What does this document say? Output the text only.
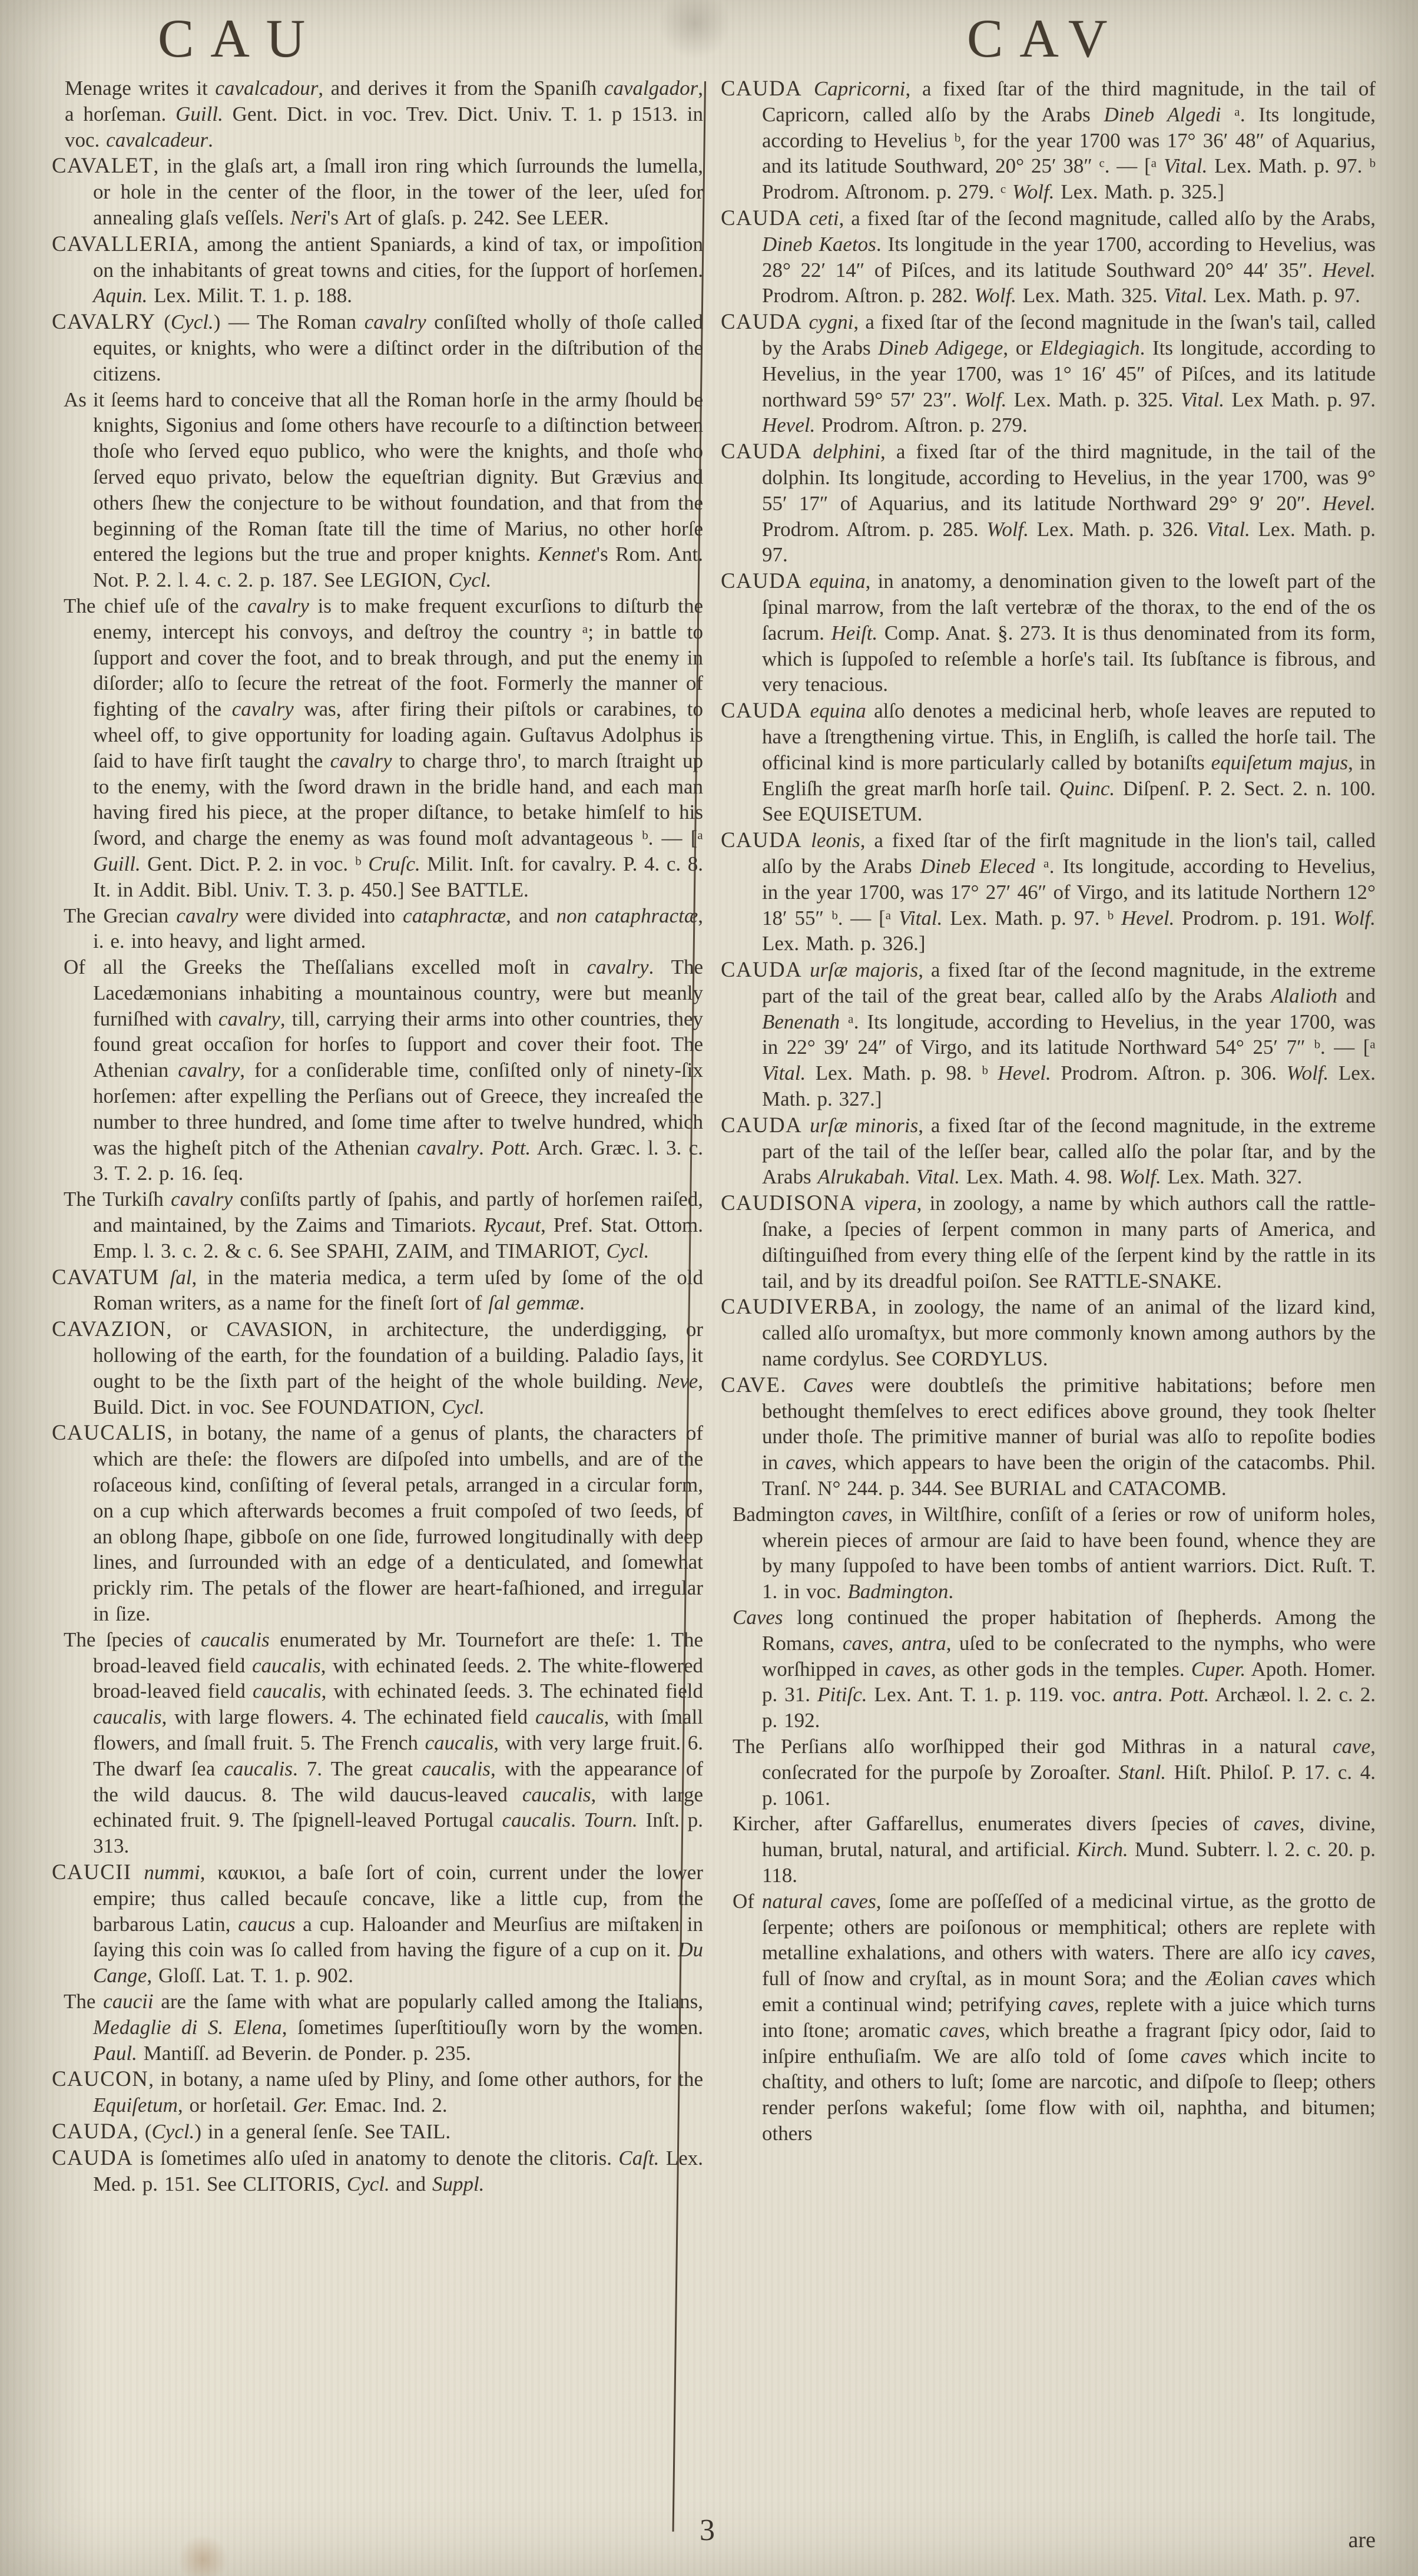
CAU	CAV

Menage writes it cavalcadour, and derives it from the Spaniſh cavalgador, a horſeman. Guill. Gent. Dict. in voc. Trev. Dict. Univ. T. 1. p 1513. in voc. cavalcadeur.

CAVALET, in the glaſs art, a ſmall iron ring which ſurrounds the lumella, or hole in the center of the floor, in the tower of the leer, uſed for annealing glaſs veſſels. Neri's Art of glaſs. p. 242. See LEER.

CAVALLERIA, among the antient Spaniards, a kind of tax, or impoſition on the inhabitants of great towns and cities, for the ſupport of horſemen. Aquin. Lex. Milit. T. 1. p. 188.

CAVALRY (Cycl.) — The Roman cavalry conſiſted wholly of thoſe called equites, or knights, who were a diſtinct order in the diſtribution of the citizens.

As it ſeems hard to conceive that all the Roman horſe in the army ſhould be knights, Sigonius and ſome others have recourſe to a diſtinction between thoſe who ſerved equo publico, who were the knights, and thoſe who ſerved equo privato, below the equeſtrian dignity. But Grævius and others ſhew the conjecture to be without foundation, and that from the beginning of the Roman ſtate till the time of Marius, no other horſe entered the legions but the true and proper knights. Kennet's Rom. Ant. Not. P. 2. l. 4. c. 2. p. 187. See LEGION, Cycl.

The chief uſe of the cavalry is to make frequent excurſions to diſturb the enemy, intercept his convoys, and deſtroy the country ᵃ; in battle to ſupport and cover the foot, and to break through, and put the enemy in diſorder; alſo to ſecure the retreat of the foot. Formerly the manner of fighting of the cavalry was, after firing their piſtols or carabines, to wheel off, to give opportunity for loading again. Guſtavus Adolphus is ſaid to have firſt taught the cavalry to charge thro', to march ſtraight up to the enemy, with the ſword drawn in the bridle hand, and each man having fired his piece, at the proper diſtance, to betake himſelf to his ſword, and charge the enemy as was found moſt advantageous ᵇ. — [ᵃ Guill. Gent. Dict. P. 2. in voc. ᵇ Cruſc. Milit. Inſt. for cavalry. P. 4. c. 8. It. in Addit. Bibl. Univ. T. 3. p. 450.] See BATTLE.

The Grecian cavalry were divided into cataphractæ, and non cataphractæ, i. e. into heavy, and light armed.

Of all the Greeks the Theſſalians excelled moſt in cavalry. The Lacedæmonians inhabiting a mountainous country, were but meanly furniſhed with cavalry, till, carrying their arms into other countries, they found great occaſion for horſes to ſupport and cover their foot. The Athenian cavalry, for a conſiderable time, conſiſted only of ninety-ſix horſemen: after expelling the Perſians out of Greece, they increaſed the number to three hundred, and ſome time after to twelve hundred, which was the higheſt pitch of the Athenian cavalry. Pott. Arch. Græc. l. 3. c. 3. T. 2. p. 16. ſeq.

The Turkiſh cavalry conſiſts partly of ſpahis, and partly of horſemen raiſed, and maintained, by the Zaims and Timariots. Rycaut, Pref. Stat. Ottom. Emp. l. 3. c. 2. & c. 6. See SPAHI, ZAIM, and TIMARIOT, Cycl.

CAVATUM ſal, in the materia medica, a term uſed by ſome of the old Roman writers, as a name for the fineſt ſort of ſal gemmæ.

CAVAZION, or CAVASION, in architecture, the underdigging, or hollowing of the earth, for the foundation of a building. Paladio ſays, it ought to be the ſixth part of the height of the whole building. Neve, Build. Dict. in voc. See FOUNDATION, Cycl.

CAUCALIS, in botany, the name of a genus of plants, the characters of which are theſe: the flowers are diſpoſed into umbells, and are of the roſaceous kind, conſiſting of ſeveral petals, arranged in a circular form, on a cup which afterwards becomes a fruit compoſed of two ſeeds, of an oblong ſhape, gibboſe on one ſide, furrowed longitudinally with deep lines, and ſurrounded with an edge of a denticulated, and ſomewhat prickly rim. The petals of the flower are heart-faſhioned, and irregular in ſize.

The ſpecies of caucalis enumerated by Mr. Tournefort are theſe: 1. The broad-leaved field caucalis, with echinated ſeeds. 2. The white-flowered broad-leaved field caucalis, with echinated ſeeds. 3. The echinated field caucalis, with large flowers. 4. The echinated field caucalis, with ſmall flowers, and ſmall fruit. 5. The French caucalis, with very large fruit. 6. The dwarf ſea caucalis. 7. The great caucalis, with the appearance of the wild daucus. 8. The wild daucus-leaved caucalis, with large echinated fruit. 9. The ſpignell-leaved Portugal caucalis. Tourn. Inſt. p. 313.

CAUCII nummi, καυκιοι, a baſe ſort of coin, current under the lower empire; thus called becauſe concave, like a little cup, from the barbarous Latin, caucus a cup. Haloander and Meurſius are miſtaken in ſaying this coin was ſo called from having the figure of a cup on it. Du Cange, Gloſſ. Lat. T. 1. p. 902.

The caucii are the ſame with what are popularly called among the Italians, Medaglie di S. Elena, ſometimes ſuperſtitiouſly worn by the women. Paul. Mantiſſ. ad Beverin. de Ponder. p. 235.

CAUCON, in botany, a name uſed by Pliny, and ſome other authors, for the Equiſetum, or horſetail. Ger. Emac. Ind. 2.

CAUDA, (Cycl.) in a general ſenſe. See TAIL.

CAUDA is ſometimes alſo uſed in anatomy to denote the clitoris. Caſt. Lex. Med. p. 151. See CLITORIS, Cycl. and Suppl.

CAUDA Capricorni, a fixed ſtar of the third magnitude, in the tail of Capricorn, called alſo by the Arabs Dineb Algedi ᵃ. Its longitude, according to Hevelius ᵇ, for the year 1700 was 17° 36′ 48″ of Aquarius, and its latitude Southward, 20° 25′ 38″ ᶜ. — [ᵃ Vital. Lex. Math. p. 97. ᵇ Prodrom. Aſtronom. p. 279. ᶜ Wolf. Lex. Math. p. 325.]

CAUDA ceti, a fixed ſtar of the ſecond magnitude, called alſo by the Arabs, Dineb Kaetos. Its longitude in the year 1700, according to Hevelius, was 28° 22′ 14″ of Piſces, and its latitude Southward 20° 44′ 35″. Hevel. Prodrom. Aſtron. p. 282. Wolf. Lex. Math. 325. Vital. Lex. Math. p. 97.

CAUDA cygni, a fixed ſtar of the ſecond magnitude in the ſwan's tail, called by the Arabs Dineb Adigege, or Eldegiagich. Its longitude, according to Hevelius, in the year 1700, was 1° 16′ 45″ of Piſces, and its latitude northward 59° 57′ 23″. Wolf. Lex. Math. p. 325. Vital. Lex Math. p. 97. Hevel. Prodrom. Aſtron. p. 279.

CAUDA delphini, a fixed ſtar of the third magnitude, in the tail of the dolphin. Its longitude, according to Hevelius, in the year 1700, was 9° 55′ 17″ of Aquarius, and its latitude Northward 29° 9′ 20″. Hevel. Prodrom. Aſtrom. p. 285. Wolf. Lex. Math. p. 326. Vital. Lex. Math. p. 97.

CAUDA equina, in anatomy, a denomination given to the loweſt part of the ſpinal marrow, from the laſt vertebræ of the thorax, to the end of the os ſacrum. Heiſt. Comp. Anat. §. 273. It is thus denominated from its form, which is ſuppoſed to reſemble a horſe's tail. Its ſubſtance is fibrous, and very tenacious.

CAUDA equina alſo denotes a medicinal herb, whoſe leaves are reputed to have a ſtrengthening virtue. This, in Engliſh, is called the horſe tail. The officinal kind is more particularly called by botaniſts equiſetum majus, in Engliſh the great marſh horſe tail. Quinc. Diſpenſ. P. 2. Sect. 2. n. 100. See EQUISETUM.

CAUDA leonis, a fixed ſtar of the firſt magnitude in the lion's tail, called alſo by the Arabs Dineb Eleced ᵃ. Its longitude, according to Hevelius, in the year 1700, was 17° 27′ 46″ of Virgo, and its latitude Northern 12° 18′ 55″ ᵇ. — [ᵃ Vital. Lex. Math. p. 97. ᵇ Hevel. Prodrom. p. 191. Wolf. Lex. Math. p. 326.]

CAUDA urſæ majoris, a fixed ſtar of the ſecond magnitude, in the extreme part of the tail of the great bear, called alſo by the Arabs Alalioth and Benenath ᵃ. Its longitude, according to Hevelius, in the year 1700, was in 22° 39′ 24″ of Virgo, and its latitude Northward 54° 25′ 7″ ᵇ. — [ᵃ Vital. Lex. Math. p. 98. ᵇ Hevel. Prodrom. Aſtron. p. 306. Wolf. Lex. Math. p. 327.]

CAUDA urſæ minoris, a fixed ſtar of the ſecond magnitude, in the extreme part of the tail of the leſſer bear, called alſo the polar ſtar, and by the Arabs Alrukabah. Vital. Lex. Math. 4. 98. Wolf. Lex. Math. 327.

CAUDISONA vipera, in zoology, a name by which authors call the rattle-ſnake, a ſpecies of ſerpent common in many parts of America, and diſtinguiſhed from every thing elſe of the ſerpent kind by the rattle in its tail, and by its dreadful poiſon. See RATTLE-SNAKE.

CAUDIVERBA, in zoology, the name of an animal of the lizard kind, called alſo uromaſtyx, but more commonly known among authors by the name cordylus. See CORDYLUS.

CAVE. Caves were doubtleſs the primitive habitations; before men bethought themſelves to erect edifices above ground, they took ſhelter under thoſe. The primitive manner of burial was alſo to repoſite bodies in caves, which appears to have been the origin of the catacombs. Phil. Tranſ. N° 244. p. 344. See BURIAL and CATACOMB.

Badmington caves, in Wiltſhire, conſiſt of a ſeries or row of uniform holes, wherein pieces of armour are ſaid to have been found, whence they are by many ſuppoſed to have been tombs of antient warriors. Dict. Ruſt. T. 1. in voc. Badmington.

Caves long continued the proper habitation of ſhepherds. Among the Romans, caves, antra, uſed to be conſecrated to the nymphs, who were worſhipped in caves, as other gods in the temples. Cuper. Apoth. Homer. p. 31. Pitiſc. Lex. Ant. T. 1. p. 119. voc. antra. Pott. Archæol. l. 2. c. 2. p. 192.

The Perſians alſo worſhipped their god Mithras in a natural cave, conſecrated for the purpoſe by Zoroaſter. Stanl. Hiſt. Philoſ. P. 17. c. 4. p. 1061.

Kircher, after Gaffarellus, enumerates divers ſpecies of caves, divine, human, brutal, natural, and artificial. Kirch. Mund. Subterr. l. 2. c. 20. p. 118.

Of natural caves, ſome are poſſeſſed of a medicinal virtue, as the grotto de ſerpente; others are poiſonous or memphitical; others are replete with metalline exhalations, and others with waters. There are alſo icy caves, full of ſnow and cryſtal, as in mount Sora; and the Æolian caves which emit a continual wind; petrifying caves, replete with a juice which turns into ſtone; aromatic caves, which breathe a fragrant ſpicy odor, ſaid to inſpire enthuſiaſm. We are alſo told of ſome caves which incite to chaſtity, and others to luſt; ſome are narcotic, and diſpoſe to ſleep; others render perſons wakeful; ſome flow with oil, naphtha, and bitumen; others

3	are
